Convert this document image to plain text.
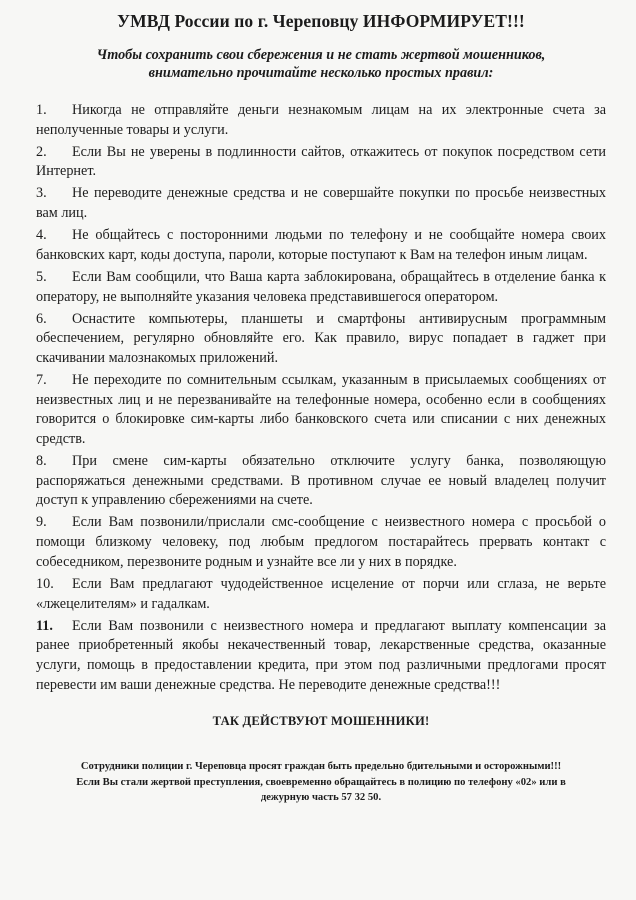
УМВД России по г. Череповцу ИНФОРМИРУЕТ!!!
Чтобы сохранить свои сбережения и не стать жертвой мошенников,
внимательно прочитайте несколько простых правил:
1. Никогда не отправляйте деньги незнакомым лицам на их электронные счета за неполученные товары и услуги.
2. Если Вы не уверены в подлинности сайтов, откажитесь от покупок посредством сети Интернет.
3. Не переводите денежные средства и не совершайте покупки по просьбе неизвестных вам лиц.
4. Не общайтесь с посторонними людьми по телефону и не сообщайте номера своих банковских карт, коды доступа, пароли, которые поступают к Вам на телефон иным лицам.
5. Если Вам сообщили, что Ваша карта заблокирована, обращайтесь в отделение банка к оператору, не выполняйте указания человека представившегося оператором.
6. Оснастите компьютеры, планшеты и смартфоны антивирусным программным обеспечением, регулярно обновляйте его. Как правило, вирус попадает в гаджет при скачивании малознакомых приложений.
7. Не переходите по сомнительным ссылкам, указанным в присылаемых сообщениях от неизвестных лиц и не перезванивайте на телефонные номера, особенно если в сообщениях говорится о блокировке сим-карты либо банковского счета или списании с них денежных средств.
8. При смене сим-карты обязательно отключите услугу банка, позволяющую распоряжаться денежными средствами. В противном случае ее новый владелец получит доступ к управлению сбережениями на счете.
9. Если Вам позвонили/прислали смс-сообщение с неизвестного номера с просьбой о помощи близкому человеку, под любым предлогом постарайтесь прервать контакт с собеседником, перезвоните родным и узнайте все ли у них в порядке.
10. Если Вам предлагают чудодейственное исцеление от порчи или сглаза, не верьте «лжецелителям» и гадалкам.
11. Если Вам позвонили с неизвестного номера и предлагают выплату компенсации за ранее приобретенный якобы некачественный товар, лекарственные средства, оказанные услуги, помощь в предоставлении кредита, при этом под различными предлогами просят перевести им ваши денежные средства. Не переводите денежные средства!!!
ТАК ДЕЙСТВУЮТ МОШЕННИКИ!

Сотрудники полиции г. Череповца просят граждан быть предельно бдительными и осторожными!!!

Если Вы стали жертвой преступления, своевременно обращайтесь в полицию по телефону «02» или в

дежурную часть 57 32 50.
